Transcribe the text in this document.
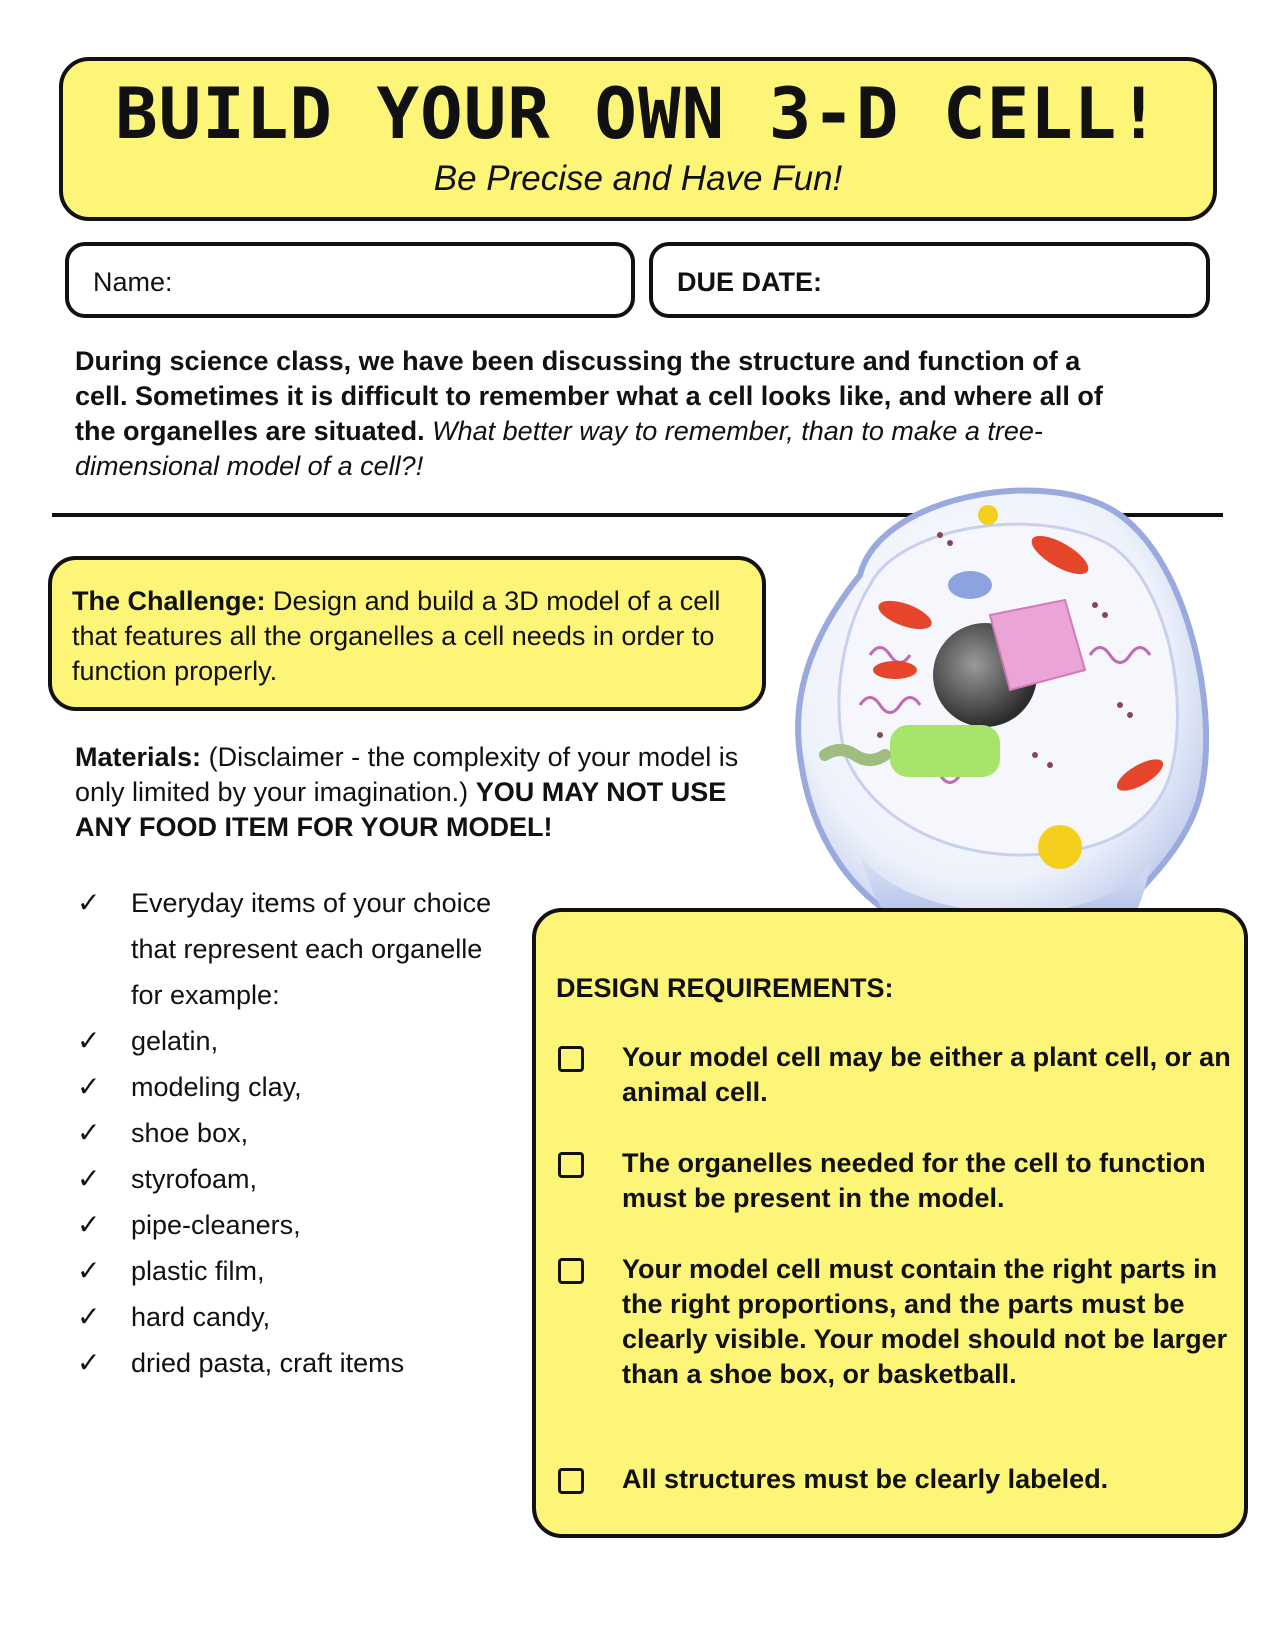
BUILD YOUR OWN 3-D CELL!
Be Precise and Have Fun!
Name:	DUE DATE:

During science class, we have been discussing the structure and function of a cell. Sometimes it is difficult to remember what a cell looks like, and where all of the organelles are situated. What better way to remember, than to make a tree-dimensional model of a cell?!

The Challenge: Design and build a 3D model of a cell that features all the organelles a cell needs in order to function properly.

Materials: (Disclaimer - the complexity of your model is only limited by your imagination.) YOU MAY NOT USE ANY FOOD ITEM FOR YOUR MODEL!

✓ Everyday items of your choice that represent each organelle for example:
✓ gelatin,
✓ modeling clay,
✓ shoe box,
✓ styrofoam,
✓ pipe-cleaners,
✓ plastic film,
✓ hard candy,
✓ dried pasta, craft items
DESIGN REQUIREMENTS:

Your model cell may be either a plant cell, or an animal cell.

The organelles needed for the cell to function must be present in the model.

Your model cell must contain the right parts in the right proportions, and the parts must be clearly visible. Your model should not be larger than a shoe box, or basketball.

All structures must be clearly labeled.
